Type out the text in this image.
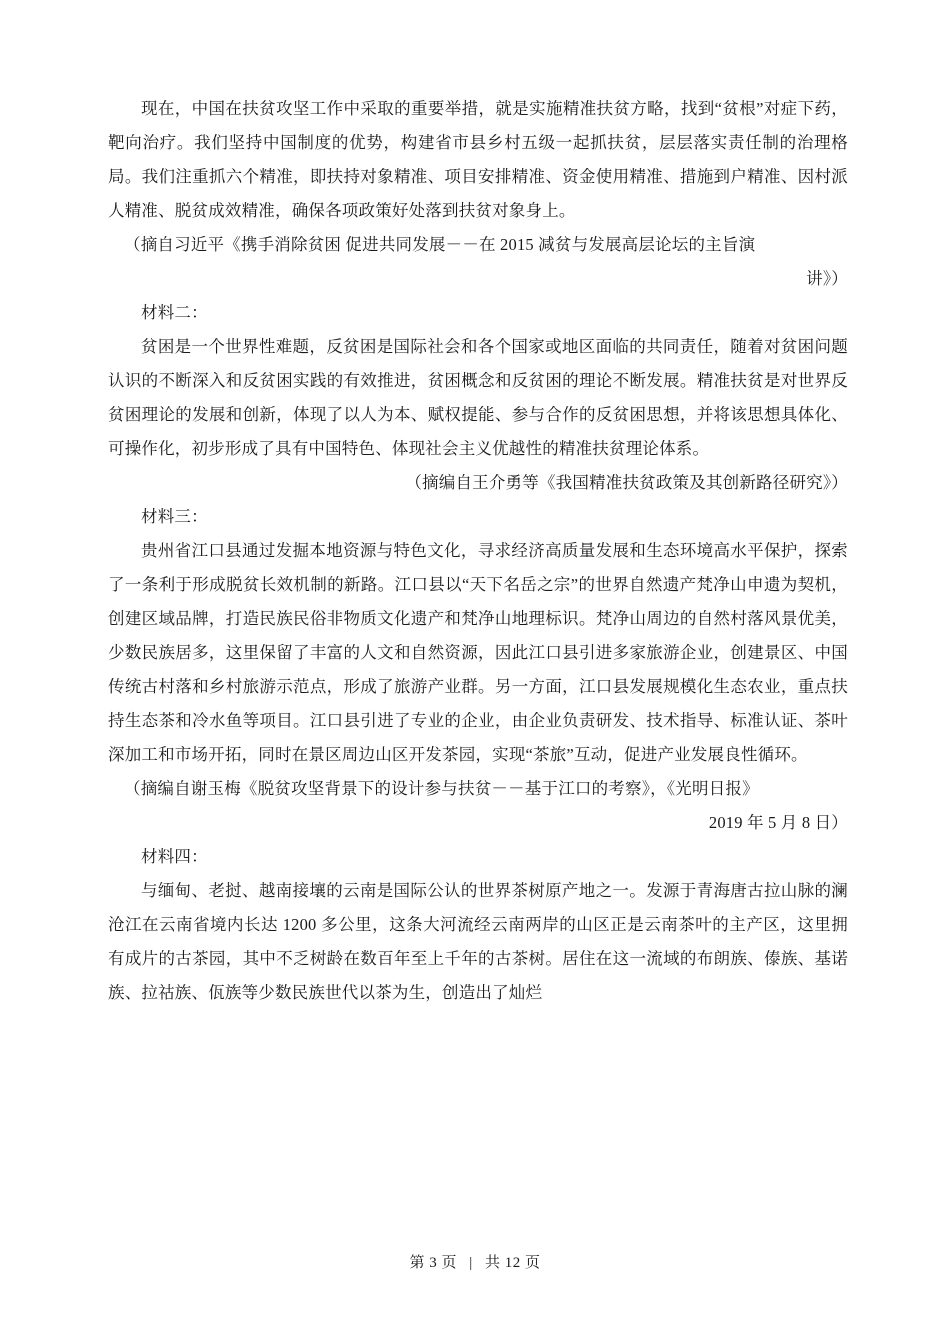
现在，中国在扶贫攻坚工作中采取的重要举措，就是实施精准扶贫方略，找到“贫根”对症下药，靶向治疗。我们坚持中国制度的优势，构建省市县乡村五级一起抓扶贫，层层落实责任制的治理格局。我们注重抓六个精准，即扶持对象精准、项目安排精准、资金使用精准、措施到户精准、因村派人精准、脱贫成效精准，确保各项政策好处落到扶贫对象身上。

（摘自习近平《携手消除贫困 促进共同发展－－在 2015 减贫与发展高层论坛的主旨演
讲》）

材料二：

贫困是一个世界性难题，反贫困是国际社会和各个国家或地区面临的共同责任，随着对贫困问题认识的不断深入和反贫困实践的有效推进，贫困概念和反贫困的理论不断发展。精准扶贫是对世界反贫困理论的发展和创新，体现了以人为本、赋权提能、参与合作的反贫困思想，并将该思想具体化、可操作化，初步形成了具有中国特色、体现社会主义优越性的精准扶贫理论体系。

（摘编自王介勇等《我国精准扶贫政策及其创新路径研究》）

材料三：

贵州省江口县通过发掘本地资源与特色文化，寻求经济高质量发展和生态环境高水平保护，探索了一条利于形成脱贫长效机制的新路。江口县以“天下名岳之宗”的世界自然遗产梵净山申遗为契机，创建区域品牌，打造民族民俗非物质文化遗产和梵净山地理标识。梵净山周边的自然村落风景优美，少数民族居多，这里保留了丰富的人文和自然资源，因此江口县引进多家旅游企业，创建景区、中国传统古村落和乡村旅游示范点，形成了旅游产业群。另一方面，江口县发展规模化生态农业，重点扶持生态茶和冷水鱼等项目。江口县引进了专业的企业，由企业负责研发、技术指导、标准认证、茶叶深加工和市场开拓，同时在景区周边山区开发茶园，实现“茶旅”互动，促进产业发展良性循环。

（摘编自谢玉梅《脱贫攻坚背景下的设计参与扶贫－－基于江口的考察》，《光明日报》
2019 年 5 月 8 日）

材料四：

与缅甸、老挝、越南接壤的云南是国际公认的世界茶树原产地之一。发源于青海唐古拉山脉的澜沧江在云南省境内长达 1200 多公里，这条大河流经云南两岸的山区正是云南茶叶的主产区，这里拥有成片的古茶园，其中不乏树龄在数百年至上千年的古茶树。居住在这一流域的布朗族、傣族、基诺族、拉祜族、佤族等少数民族世代以茶为生，创造出了灿烂

第 3 页 | 共 12 页
